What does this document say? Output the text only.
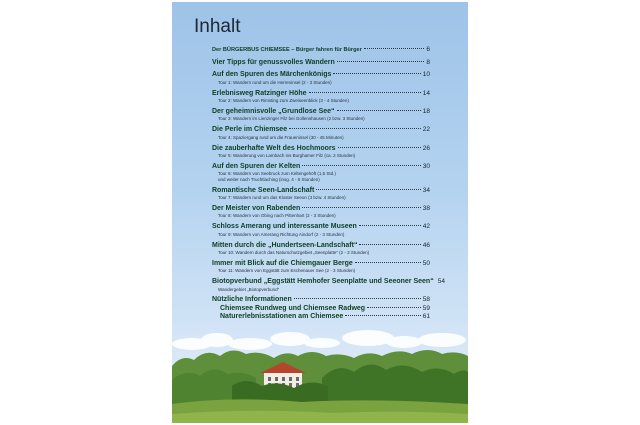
Inhalt
Der BÜRGERBUS CHIEMSEE – Bürger fahren für Bürger	6
Vier Tipps für genussvolles Wandern	8
Auf den Spuren des Märchenkönigs	10
Tour 1: Wandern rund um die Herreninsel (2 - 3 Stunden)
Erlebnisweg Ratzinger Höhe	14
Tour 2: Wandern von Rimsting zum Zweiseenblick (3 - 4 Stunden)
Der geheimnisvolle „Grundlose See“	18
Tour 3: Wandern im Lienzinger Filz bei Gollenshausen (2 bzw. 3 Stunden)
Die Perle im Chiemsee	22
Tour 4: Spaziergang rund um die Fraueninsel (30 - 45 Minuten)
Die zauberhafte Welt des Hochmoors	26
Tour 5: Wanderung von Lambach ins Burghamer Filz (ca. 2 Stunden)
Auf den Spuren der Kelten	30
Tour 6: Wandern von Seebruck zum Keltengehöft (1,5 Std.)
und weiter nach Truchtlaching (insg. 4 - 5 Stunden)
Romantische Seen-Landschaft	34
Tour 7: Wandern rund um das Kloster Seeon (3 bzw. 4 Stunden)
Der Meister von Rabenden	38
Tour 8: Wandern von Obing nach Pittenhart (2 - 3 Stunden)
Schloss Amerang und interessante Museen	42
Tour 9: Wandern von Amerang Richtung Aindorf (2 - 3 Stunden)
Mitten durch die „Hundertseen-Landschaft“	46
Tour 10: Wandern durch das Naturschutzgebiet „Seenplatte“ (2 - 3 Stunden)
Immer mit Blick auf die Chiemgauer Berge	50
Tour 11: Wandern von Eggstätt zum Eschenauer See (2 - 3 Stunden)
Biotopverbund „Eggstätt Hemhofer Seenplatte und Seeoner Seen“ 54
Wandergebiet „Biotopverbund“
Nützliche Informationen	58
Chiemsee Rundweg und Chiemsee Radweg	59
Naturerlebnisstationen am Chiemsee	61
